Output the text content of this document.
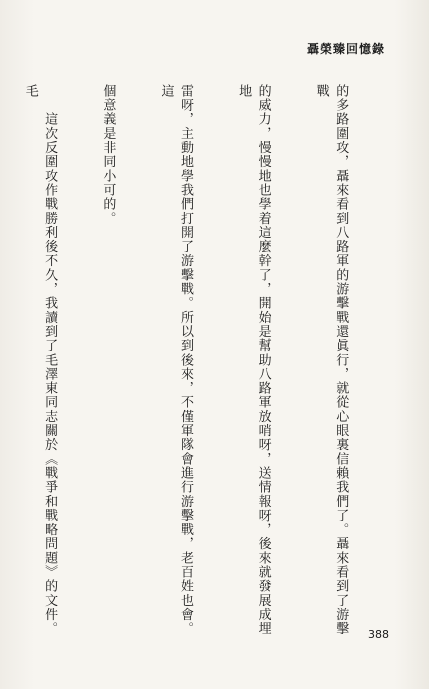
聶榮臻回憶錄

的多路圍攻，聶來看到八路軍的游擊戰還眞行，就從心眼裏信賴我們了。聶來看到了游擊戰

的威力，慢慢地也學着這麼幹了，開始是幫助八路軍放哨呀，送情報呀，後來就發展成埋地

雷呀，主動地學我們打開了游擊戰。所以到後來，不僅軍隊會進行游擊戰，老百姓也會。這

個意義是非同小可的。

　　這次反圍攻作戰勝利後不久，我讀到了毛澤東同志關於《戰爭和戰略問題》的文件。毛

388
